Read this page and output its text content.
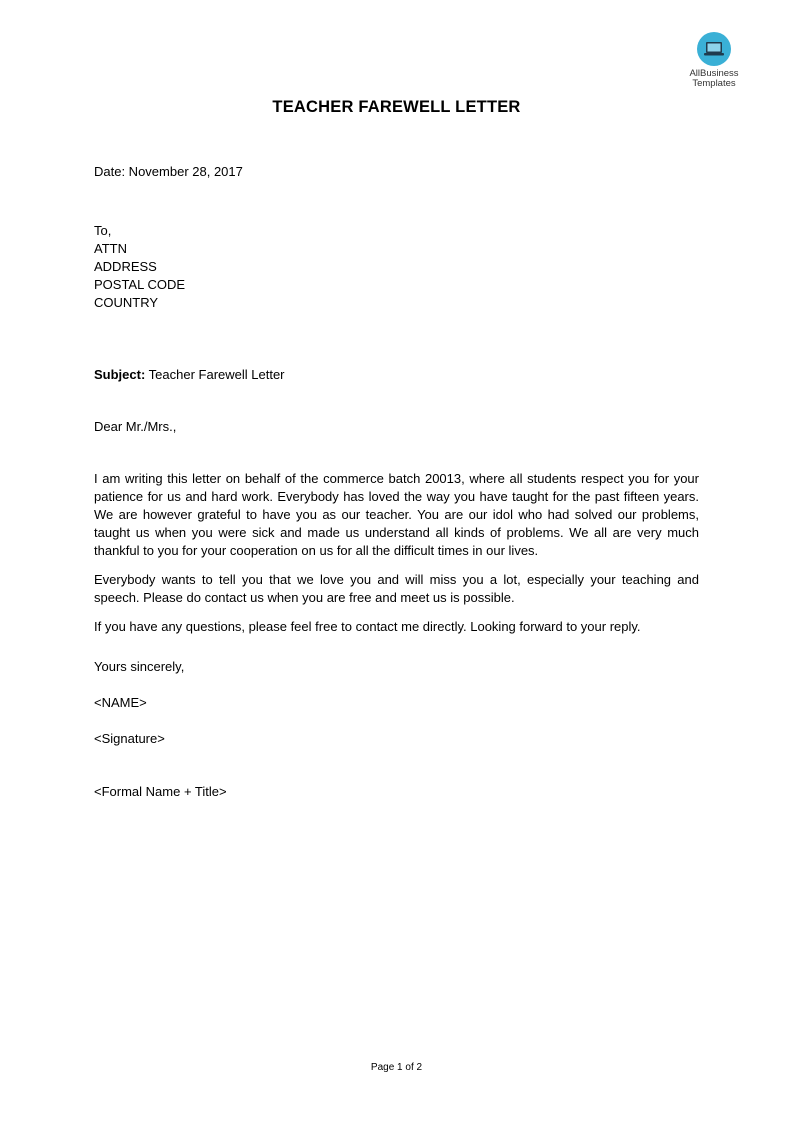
AllBusiness
Templates
TEACHER FAREWELL LETTER
Date: November 28, 2017
To,
ATTN
ADDRESS
POSTAL CODE
COUNTRY
Subject: Teacher Farewell Letter
Dear Mr./Mrs.,

I am writing this letter on behalf of the commerce batch 20013, where all students respect you for your patience for us and hard work. Everybody has loved the way you have taught for the past fifteen years. We are however grateful to have you as our teacher. You are our idol who had solved our problems, taught us when you were sick and made us understand all kinds of problems. We all are very much thankful to you for your cooperation on us for all the difficult times in our lives.

Everybody wants to tell you that we love you and will miss you a lot, especially your teaching and speech. Please do contact us when you are free and meet us is possible.

If you have any questions, please feel free to contact me directly. Looking forward to your reply.

Yours sincerely,
<NAME>
<Signature>
<Formal Name + Title>
Page 1 of 2
